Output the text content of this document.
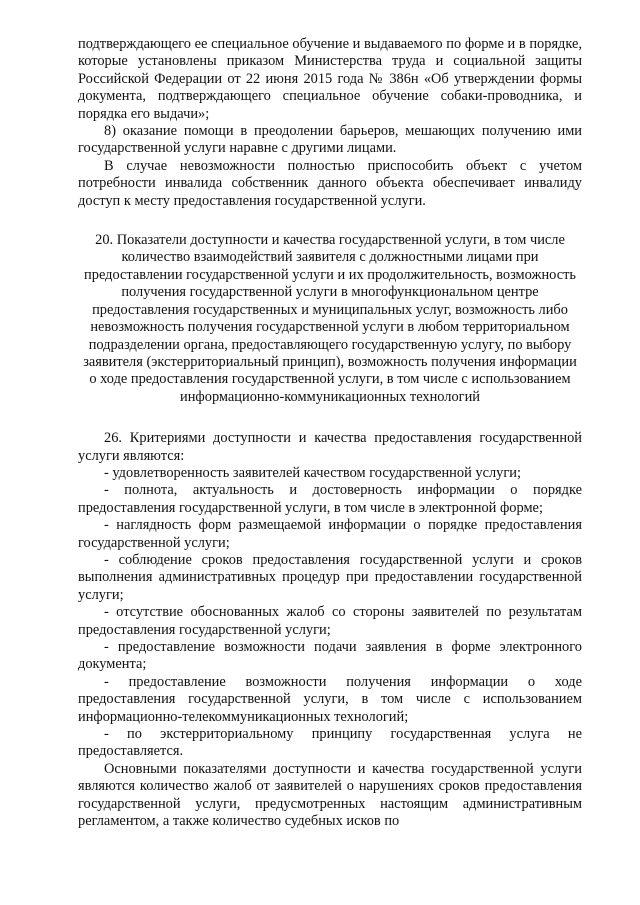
подтверждающего ее специальное обучение и выдаваемого по форме и в порядке, которые установлены приказом Министерства труда и социальной защиты Российской Федерации от 22 июня 2015 года № 386н «Об утверждении формы документа, подтверждающего специальное обучение собаки-проводника, и порядка его выдачи»;

8) оказание помощи в преодолении барьеров, мешающих получению ими государственной услуги наравне с другими лицами.

В случае невозможности полностью приспособить объект с учетом потребности инвалида собственник данного объекта обеспечивает инвалиду доступ к месту предоставления государственной услуги.

20. Показатели доступности и качества государственной услуги, в том числе количество взаимодействий заявителя с должностными лицами при предоставлении государственной услуги и их продолжительность, возможность получения государственной услуги в многофункциональном центре предоставления государственных и муниципальных услуг, возможность либо невозможность получения государственной услуги в любом территориальном подразделении органа, предоставляющего государственную услугу, по выбору заявителя (экстерриториальный принцип), возможность получения информации о ходе предоставления государственной услуги, в том числе с использованием информационно-коммуникационных технологий

26. Критериями доступности и качества предоставления государственной услуги являются:

- удовлетворенность заявителей качеством государственной услуги;

- полнота, актуальность и достоверность информации о порядке предоставления государственной услуги, в том числе в электронной форме;

- наглядность форм размещаемой информации о порядке предоставления государственной услуги;

- соблюдение сроков предоставления государственной услуги и сроков выполнения административных процедур при предоставлении государственной услуги;

- отсутствие обоснованных жалоб со стороны заявителей по результатам предоставления государственной услуги;

- предоставление возможности подачи заявления в форме электронного документа;

- предоставление возможности получения информации о ходе предоставления государственной услуги, в том числе с использованием информационно-телекоммуникационных технологий;

- по экстерриториальному принципу государственная услуга не предоставляется.

Основными показателями доступности и качества государственной услуги являются количество жалоб от заявителей о нарушениях сроков предоставления государственной услуги, предусмотренных настоящим административным регламентом, а также количество судебных исков по
